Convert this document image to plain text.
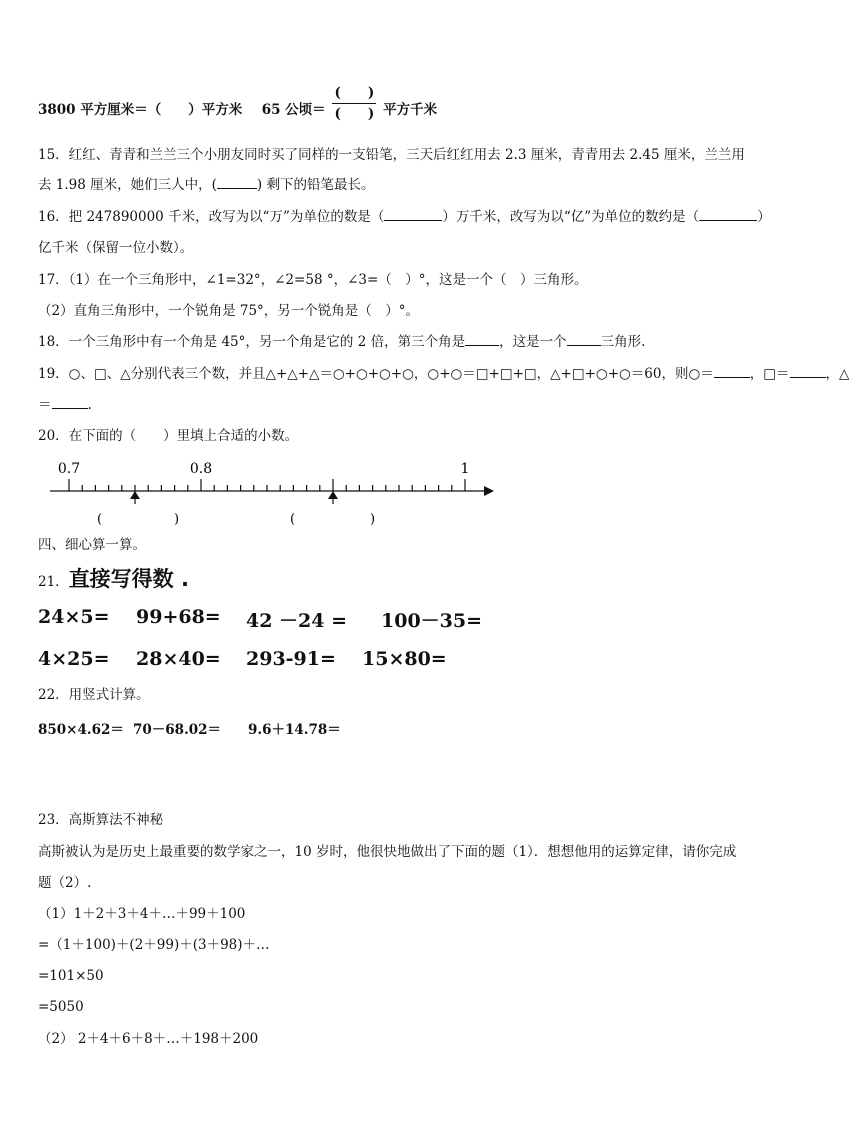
3800 平方厘米＝（　　）平方米 65 公顷＝ $\frac{( )}{( )}$ 平方千米
15．红红、青青和兰兰三个小朋友同时买了同样的一支铅笔，三天后红红用去 2.3 厘米，青青用去 2.45 厘米，兰兰用
去 1.98 厘米，她们三人中，(	) 剩下的铅笔最长。
16．把 247890000 千米，改写为以“万”为单位的数是（	）万千米，改写为以“亿”为单位的数约是（	）
亿千米（保留一位小数）。
17．（1）在一个三角形中，∠1=32°，∠2=58 °，∠3=（　）°，这是一个（　）三角形。
（2）直角三角形中，一个锐角是 75°，另一个锐角是（　）°。
18．一个三角形中有一个角是 45°，另一个角是它的 2 倍，第三个角是	，这是一个	三角形.
19．○、□、△分别代表三个数，并且△+△+△＝○+○+○+○，○+○＝□+□+□，△+□+○+○＝60，则○＝	，□＝	，△
＝	.
20．在下面的（　　）里填上合适的小数。
0.7	0.8	1
(	)	(	)
四、细心算一算。
21．直接写得数 .
24×5= 99+68= 42 －24 = 100－35=
4×25= 28×40= 293-91= 15×80=
22．用竖式计算。
850×4.62＝ 70－68.02＝ 9.6＋14.78＝
23．高斯算法不神秘
高斯被认为是历史上最重要的数学家之一，10 岁时，他很快地做出了下面的题（1）．想想他用的运算定律，请你完成
题（2）.
（1）1＋2＋3＋4＋…＋99＋100
=（1＋100)＋(2＋99)＋(3＋98)＋…
=101×50
=5050
（2） 2＋4＋6＋8＋…＋198＋200
